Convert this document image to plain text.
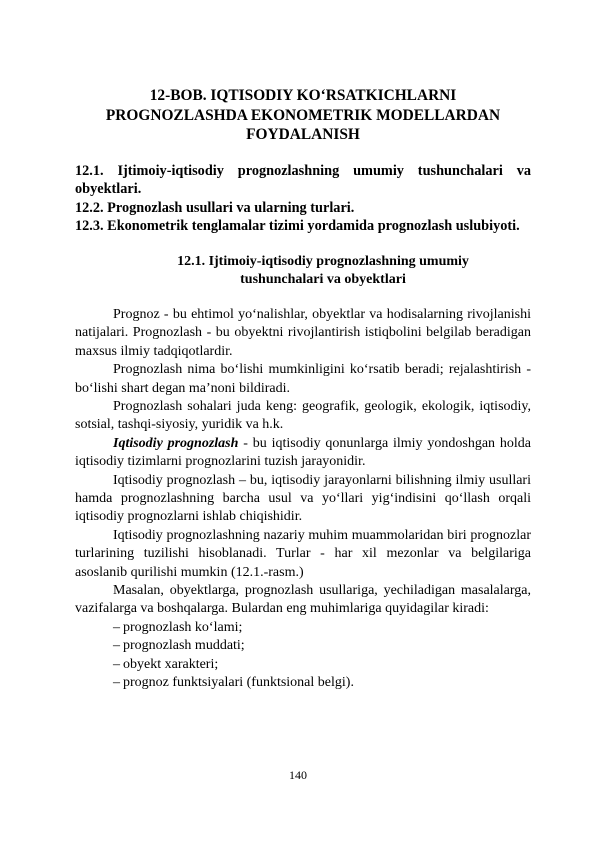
12-BOB. IQTISODIY KO‘RSATKICHLARNI
PROGNOZLASHDA EKONOMETRIK MODELLARDAN
FOYDALANISH
12.1. Ijtimoiy-iqtisodiy prognozlashning umumiy tushunchalari va obyektlari.
12.2. Prognozlash usullari va ularning turlari.
12.3. Ekonometrik tenglamalar tizimi yordamida prognozlash uslubiyoti.
12.1. Ijtimoiy-iqtisodiy prognozlashning umumiy
tushunchalari va obyektlari

Prognoz - bu ehtimol yo‘nalishlar, obyektlar va hodisalarning rivojlanishi natijalari. Prognozlash - bu obyektni rivojlantirish istiqbolini belgilab beradigan maxsus ilmiy tadqiqotlardir.

Prognozlash nima bo‘lishi mumkinligini ko‘rsatib beradi; rejalashtirish - bo‘lishi shart degan ma’noni bildiradi.

Prognozlash sohalari juda keng: geografik, geologik, ekologik, iqtisodiy, sotsial, tashqi-siyosiy, yuridik va h.k.

Iqtisodiy prognozlash - bu iqtisodiy qonunlarga ilmiy yondoshgan holda iqtisodiy tizimlarni prognozlarini tuzish jarayonidir.

Iqtisodiy prognozlash – bu, iqtisodiy jarayonlarni bilishning ilmiy usullari hamda prognozlashning barcha usul va yo‘llari yig‘indisini qo‘llash orqali iqtisodiy prognozlarni ishlab chiqishidir.

Iqtisodiy prognozlashning nazariy muhim muammolaridan biri prognozlar turlarining tuzilishi hisoblanadi. Turlar - har xil mezonlar va belgilariga asoslanib qurilishi mumkin (12.1.-rasm.)

Masalan, obyektlarga, prognozlash usullariga, yechiladigan masalalarga, vazifalarga va boshqalarga. Bulardan eng muhimlariga quyidagilar kiradi:

– prognozlash ko‘lami;
– prognozlash muddati;
– obyekt xarakteri;
– prognoz funktsiyalari (funktsional belgi).
140
